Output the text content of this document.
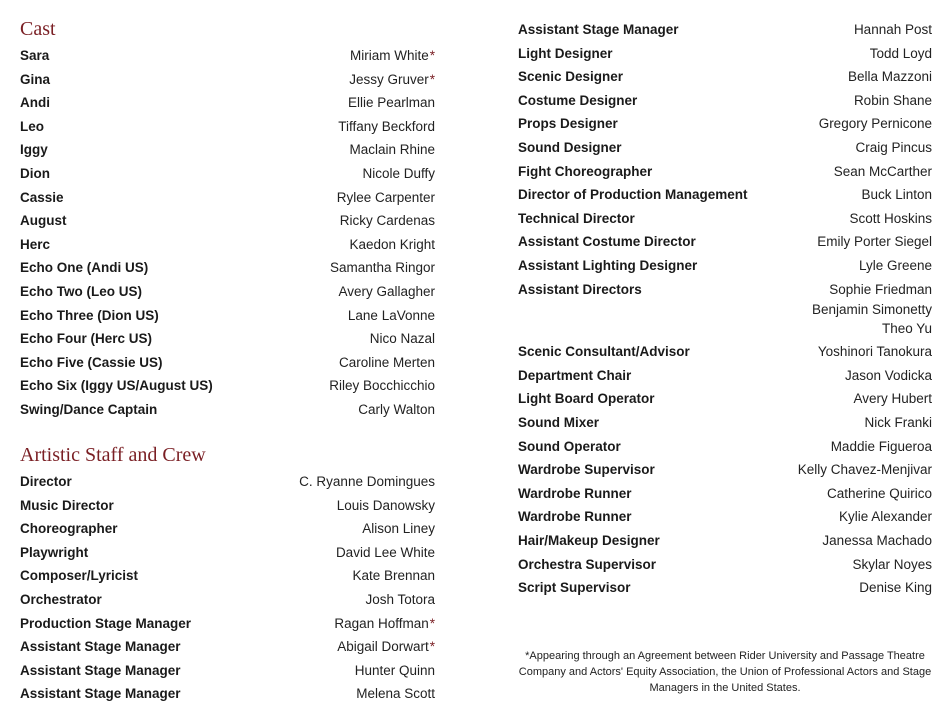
Cast
Sara	Miriam White*
Gina	Jessy Gruver*
Andi	Ellie Pearlman
Leo	Tiffany Beckford
Iggy	Maclain Rhine
Dion	Nicole Duffy
Cassie	Rylee Carpenter
August	Ricky Cardenas
Herc	Kaedon Kright
Echo One (Andi US)	Samantha Ringor
Echo Two (Leo US)	Avery Gallagher
Echo Three (Dion US)	Lane LaVonne
Echo Four (Herc US)	Nico Nazal
Echo Five (Cassie US)	Caroline Merten
Echo Six (Iggy US/August US)	Riley Bocchicchio
Swing/Dance Captain	Carly Walton
Artistic Staff and Crew
Director	C. Ryanne Domingues
Music Director	Louis Danowsky
Choreographer	Alison Liney
Playwright	David Lee White
Composer/Lyricist	Kate Brennan
Orchestrator	Josh Totora
Production Stage Manager	Ragan Hoffman*
Assistant Stage Manager	Abigail Dorwart*
Assistant Stage Manager	Hunter Quinn
Assistant Stage Manager	Melena Scott
Assistant Stage Manager	Hannah Post
Light Designer	Todd Loyd
Scenic Designer	Bella Mazzoni
Costume Designer	Robin Shane
Props Designer	Gregory Pernicone
Sound Designer	Craig Pincus
Fight Choreographer	Sean McCarther
Director of Production Management	Buck Linton
Technical Director	Scott Hoskins
Assistant Costume Director	Emily Porter Siegel
Assistant Lighting Designer	Lyle Greene
Assistant Directors	Sophie Friedman
Benjamin Simonetty
Theo Yu
Scenic Consultant/Advisor	Yoshinori Tanokura
Department Chair	Jason Vodicka
Light Board Operator	Avery Hubert
Sound Mixer	Nick Franki
Sound Operator	Maddie Figueroa
Wardrobe Supervisor	Kelly Chavez-Menjivar
Wardrobe Runner	Catherine Quirico
Wardrobe Runner	Kylie Alexander
Hair/Makeup Designer	Janessa Machado
Orchestra Supervisor	Skylar Noyes
Script Supervisor	Denise King

*Appearing through an Agreement between Rider University and Passage Theatre
Company and Actors' Equity Association, the Union of Professional Actors and Stage
Managers in the United States.
